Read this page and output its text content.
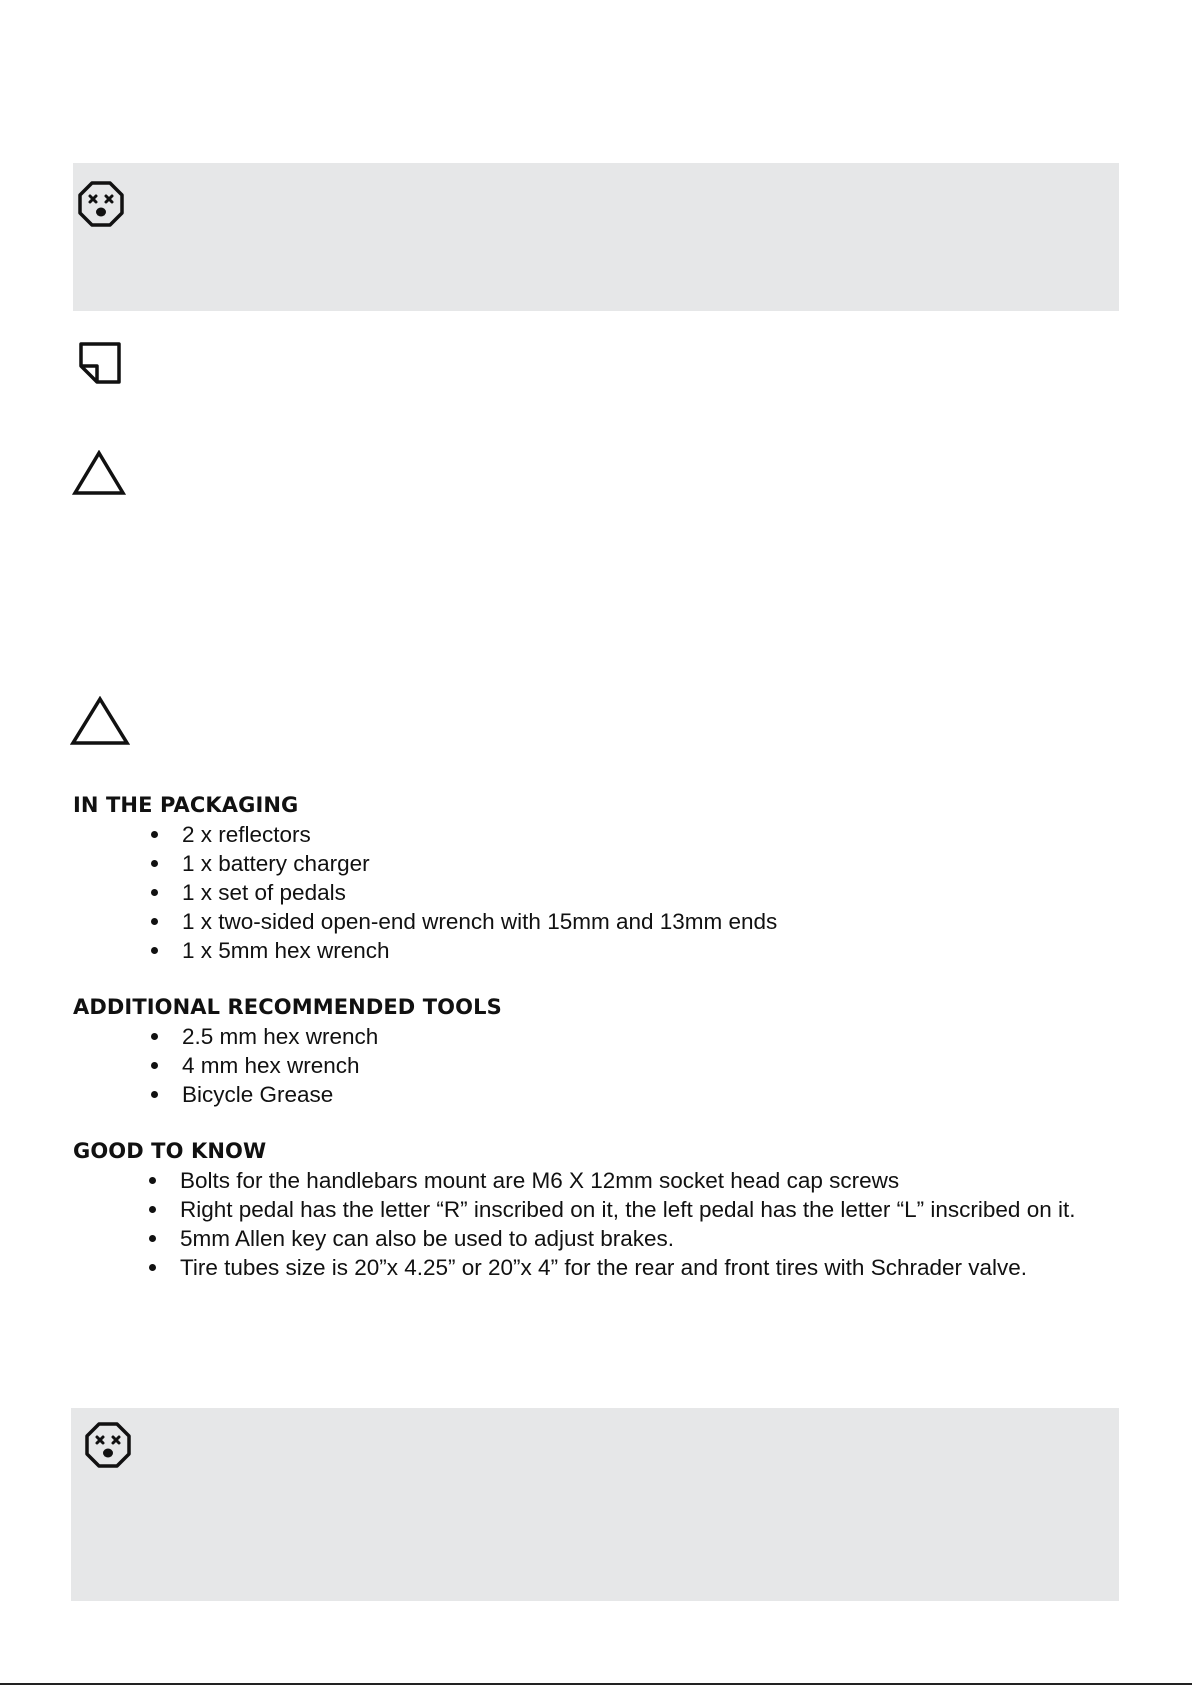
IN THE PACKAGING
2 x reflectors
1 x battery charger
1 x set of pedals
1 x two-sided open-end wrench with 15mm and 13mm ends
1 x 5mm hex wrench
ADDITIONAL RECOMMENDED TOOLS
2.5 mm hex wrench
4 mm hex wrench
Bicycle Grease
GOOD TO KNOW
Bolts for the handlebars mount are M6 X 12mm socket head cap screws
Right pedal has the letter “R” inscribed on it, the left pedal has the letter “L” inscribed on it.
5mm Allen key can also be used to adjust brakes.
Tire tubes size is 20”x 4.25” or 20”x 4” for the rear and front tires with Schrader valve.
